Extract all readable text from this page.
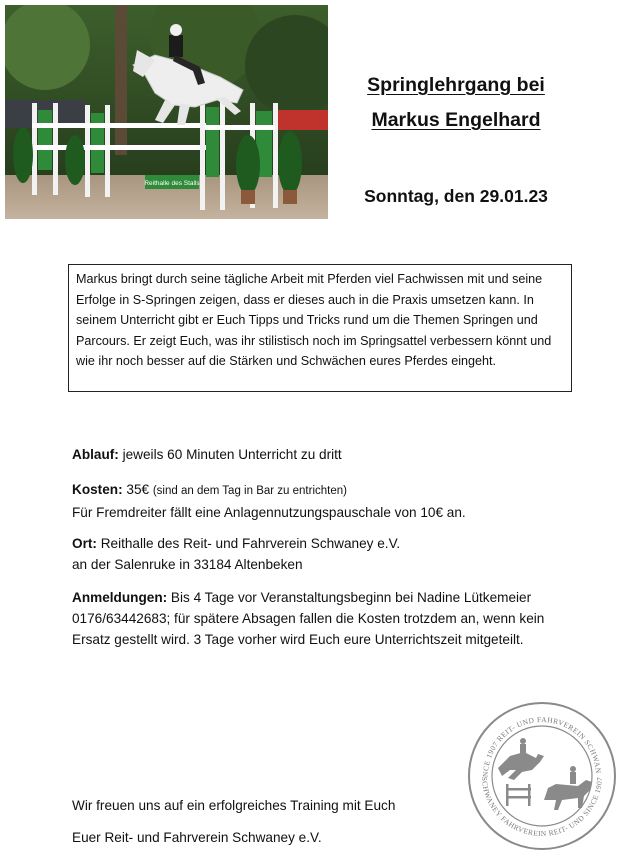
Reithalle des Stalls
Springlehrgang bei
Markus Engelhard
Sonntag, den 29.01.23
Markus bringt durch seine tägliche Arbeit mit Pferden viel Fachwissen mit und seine Erfolge in S-Springen zeigen, dass er dieses auch in die Praxis umsetzen kann. In seinem Unterricht gibt er Euch Tipps und Tricks rund um die Themen Springen und Parcours. Er zeigt Euch, was ihr stilistisch noch im Springsattel verbessern könnt und wie ihr noch besser auf die Stärken und Schwächen eures Pferdes eingeht.
Ablauf: jeweils 60 Minuten Unterricht zu dritt
Kosten: 35€ (sind an dem Tag in Bar zu entrichten)
Für Fremdreiter fällt eine Anlagennutzungspauschale von 10€ an.
Ort: Reithalle des Reit- und Fahrverein Schwaney e.V.
an der Salenruke in 33184 Altenbeken
Anmeldungen: Bis 4 Tage vor Veranstaltungsbeginn bei Nadine Lütkemeier
0176/63442683; für spätere Absagen fallen die Kosten trotzdem an, wenn kein
Ersatz gestellt wird. 3 Tage vorher wird Euch eure Unterrichtszeit mitgeteilt.
Wir freuen uns auf ein erfolgreiches Training mit Euch
Euer Reit- und Fahrverein Schwaney e.V.
NCE 1907 REIT- UND FAHRVEREIN SCHWAN
SCHWANEY FAHRVEREIN REIT- UND SINCE 1907
